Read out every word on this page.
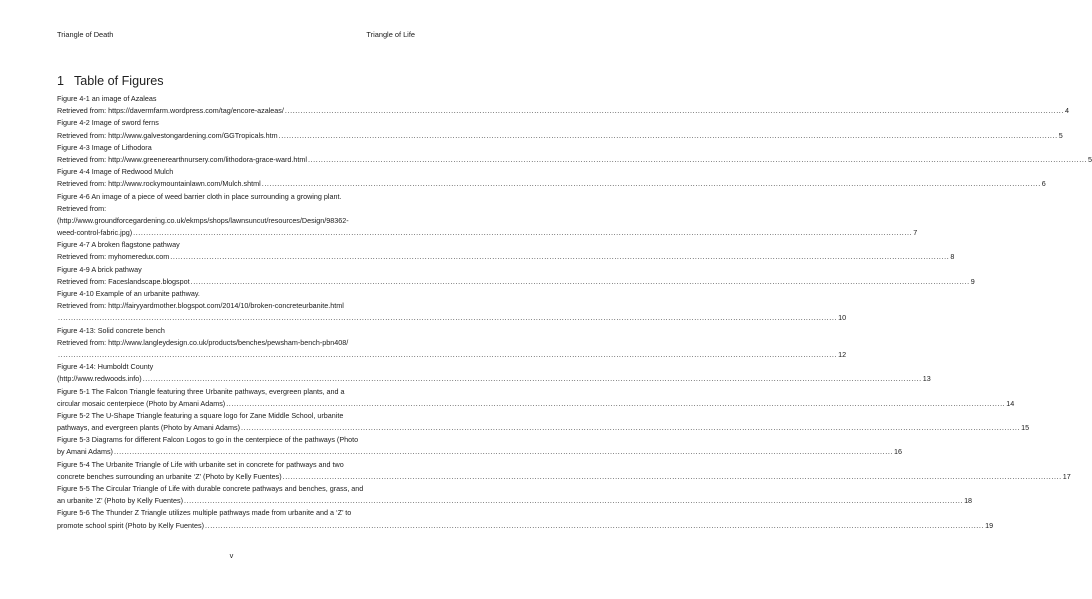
Triangle of Death	Triangle of Life
1 Table of Figures
Figure 4-1 an image of Azaleas
Retrieved from: https://davermfarm.wordpress.com/tag/encore-azaleas/ ............................................................................................................................................................................................................................................................................................................ 4
Figure 4-2 Image of sword ferns
Retrieved from: http://www.galvestongardening.com/GGTropicals.htm ............................................................................................................................................................................................................................................................................................................ 5
Figure 4-3 Image of Lithodora
Retrieved from: http://www.greenerearthnursery.com/lithodora-grace-ward.html ............................................................................................................................................................................................................................................................................................................ 5
Figure 4-4 Image of Redwood Mulch
Retrieved from: http://www.rockymountainlawn.com/Mulch.shtml ............................................................................................................................................................................................................................................................................................................ 6
Figure 4-6 An image of a piece of weed barrier cloth in place surrounding a growing plant.
Retrieved from:
(http://www.groundforcegardening.co.uk/ekmps/shops/lawnsuncut/resources/Design/98362-
weed-control-fabric.jpg) ............................................................................................................................................................................................................................................................................................................ 7
Figure 4-7 A broken flagstone pathway
Retrieved from: myhomeredux.com ............................................................................................................................................................................................................................................................................................................ 8
Figure 4-9 A brick pathway
Retrieved from: Faceslandscape.blogspot ............................................................................................................................................................................................................................................................................................................ 9
Figure 4-10 Example of an urbanite pathway.
Retrieved from: http://fairyyardmother.blogspot.com/2014/10/broken-concreteurbanite.html
............................................................................................................................................................................................................................................................................................................ 10
Figure 4-13: Solid concrete bench
Retrieved from: http://www.langleydesign.co.uk/products/benches/pewsham-bench-pbn408/
............................................................................................................................................................................................................................................................................................................ 12
Figure 4-14: Humboldt County
(http://www.redwoods.info) ............................................................................................................................................................................................................................................................................................................ 13
Figure 5-1 The Falcon Triangle featuring three Urbanite pathways, evergreen plants, and a
circular mosaic centerpiece (Photo by Amani Adams) ............................................................................................................................................................................................................................................................................................................ 14
Figure 5-2 The U-Shape Triangle featuring a square logo for Zane Middle School, urbanite
pathways, and evergreen plants (Photo by Amani Adams) ............................................................................................................................................................................................................................................................................................................ 15
Figure 5-3 Diagrams for different Falcon Logos to go in the centerpiece of the pathways (Photo
by Amani Adams) ............................................................................................................................................................................................................................................................................................................ 16
Figure 5-4 The Urbanite Triangle of Life with urbanite set in concrete for pathways and two
concrete benches surrounding an urbanite ‘Z’ (Photo by Kelly Fuentes) ............................................................................................................................................................................................................................................................................................................ 17
Figure 5-5 The Circular Triangle of Life with durable concrete pathways and benches, grass, and
an urbanite ‘Z’ (Photo by Kelly Fuentes) ............................................................................................................................................................................................................................................................................................................ 18
Figure 5-6 The Thunder Z Triangle utilizes multiple pathways made from urbanite and a ‘Z’ to
promote school spirit (Photo by Kelly Fuentes) ............................................................................................................................................................................................................................................................................................................ 19
v
